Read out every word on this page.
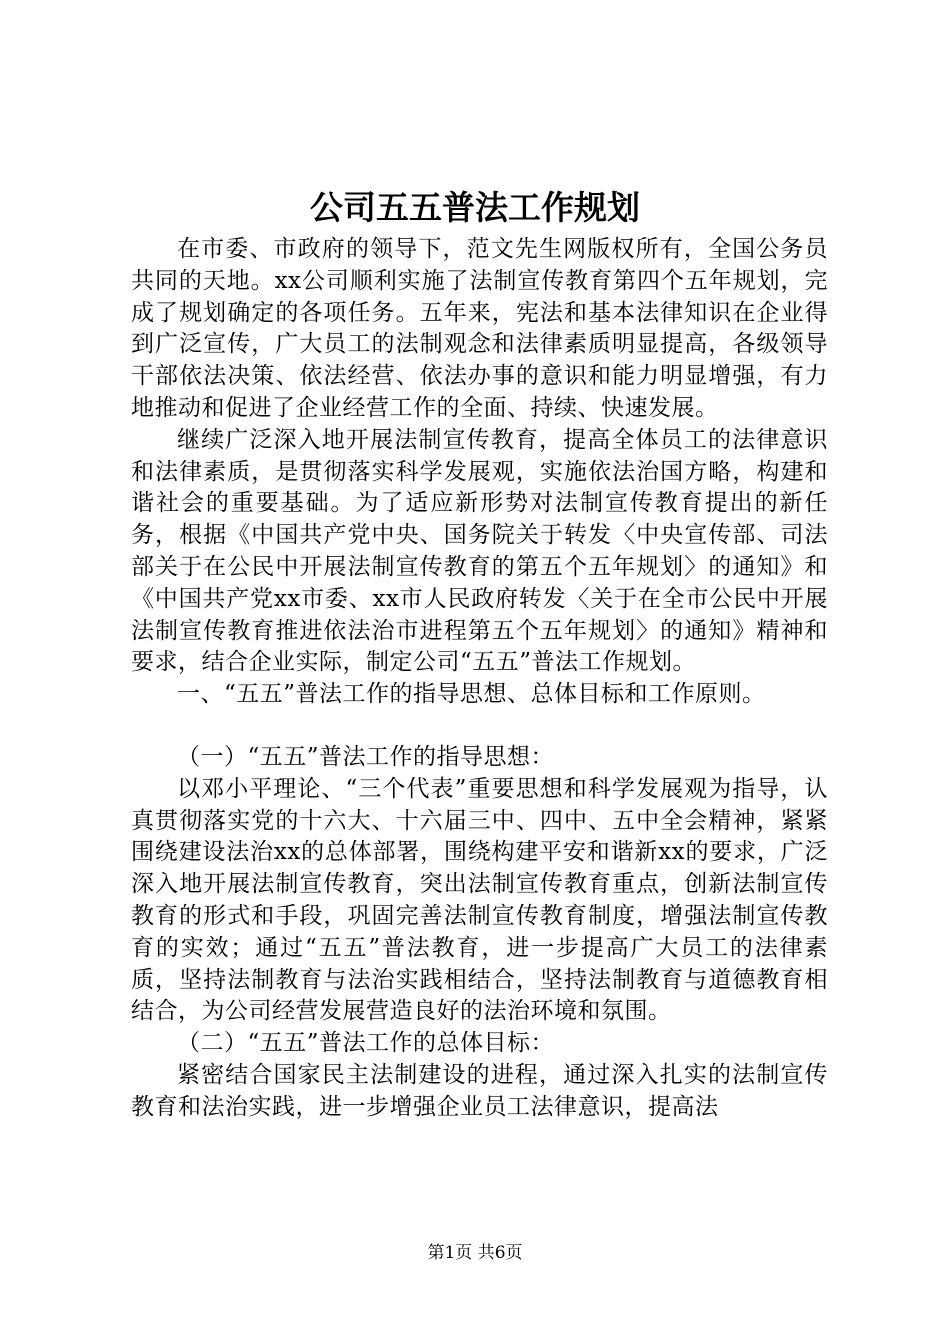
公司五五普法工作规划

在市委、市政府的领导下，范文先生网版权所有，全国公务员共同的天地。xx公司顺利实施了法制宣传教育第四个五年规划，完成了规划确定的各项任务。五年来，宪法和基本法律知识在企业得到广泛宣传，广大员工的法制观念和法律素质明显提高，各级领导干部依法决策、依法经营、依法办事的意识和能力明显增强，有力地推动和促进了企业经营工作的全面、持续、快速发展。

继续广泛深入地开展法制宣传教育，提高全体员工的法律意识和法律素质，是贯彻落实科学发展观，实施依法治国方略，构建和谐社会的重要基础。为了适应新形势对法制宣传教育提出的新任务，根据《中国共产党中央、国务院关于转发〈中央宣传部、司法部关于在公民中开展法制宣传教育的第五个五年规划〉的通知》和《中国共产党xx市委、xx市人民政府转发〈关于在全市公民中开展法制宣传教育推进依法治市进程第五个五年规划〉的通知》精神和要求，结合企业实际，制定公司“五五”普法工作规划。

一、“五五”普法工作的指导思想、总体目标和工作原则。

（一）“五五”普法工作的指导思想：

以邓小平理论、“三个代表”重要思想和科学发展观为指导，认真贯彻落实党的十六大、十六届三中、四中、五中全会精神，紧紧围绕建设法治xx的总体部署，围绕构建平安和谐新xx的要求，广泛深入地开展法制宣传教育，突出法制宣传教育重点，创新法制宣传教育的形式和手段，巩固完善法制宣传教育制度，增强法制宣传教育的实效；通过“五五”普法教育，进一步提高广大员工的法律素质，坚持法制教育与法治实践相结合，坚持法制教育与道德教育相结合，为公司经营发展营造良好的法治环境和氛围。

（二）“五五”普法工作的总体目标：

紧密结合国家民主法制建设的进程，通过深入扎实的法制宣传教育和法治实践，进一步增强企业员工法律意识，提高法

第1页 共6页
